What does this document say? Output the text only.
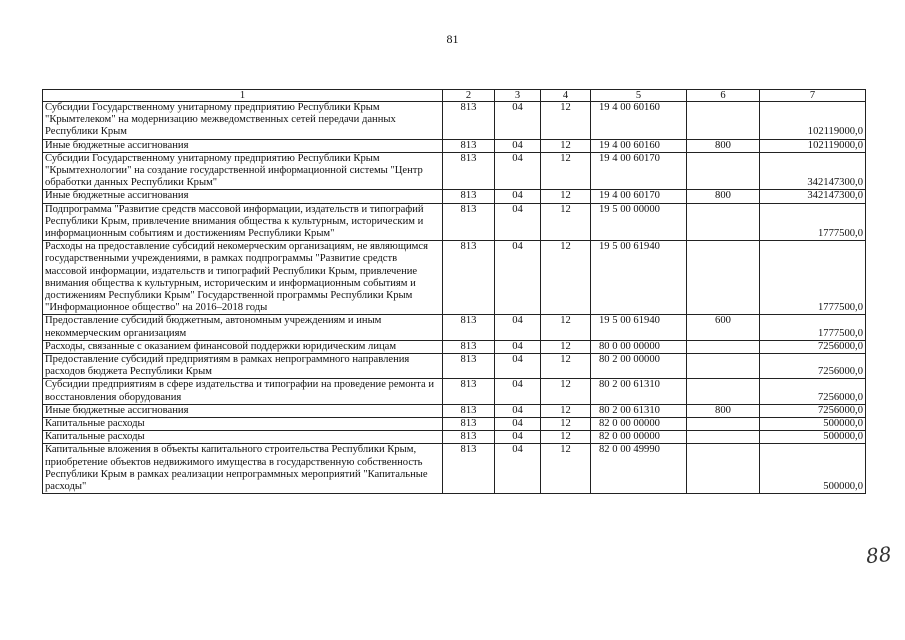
81
1	2	3	4	5	6	7
Субсидии Государственному унитарному предприятию Республики Крым "Крымтелеком" на модернизацию межведомственных сетей передачи данных Республики Крым	813	04	12	19 4 00 60160		102119000,0
Иные бюджетные ассигнования	813	04	12	19 4 00 60160	800	102119000,0
Субсидии Государственному унитарному предприятию Республики Крым "Крымтехнологии" на создание государственной информационной системы "Центр обработки данных Республики Крым"	813	04	12	19 4 00 60170		342147300,0
Иные бюджетные ассигнования	813	04	12	19 4 00 60170	800	342147300,0
Подпрограмма "Развитие средств массовой информации, издательств и типографий Республики Крым, привлечение внимания общества к культурным, историческим и информационным событиям и достижениям Республики Крым"	813	04	12	19 5 00 00000		1777500,0
Расходы на предоставление субсидий некомерческим организациям, не являющимся государственными учреждениями, в рамках подпрограммы "Развитие средств массовой информации, издательств и типографий Республики Крым, привлечение внимания общества к культурным, историческим и информационным событиям и достижениям Республики Крым" Государственной программы Республики Крым "Информационное общество" на 2016–2018 годы	813	04	12	19 5 00 61940		1777500,0
Предоставление субсидий бюджетным, автономным учреждениям и иным некоммерческим организациям	813	04	12	19 5 00 61940	600	1777500,0
Расходы, связанные с оказанием финансовой поддержки юридическим лицам	813	04	12	80 0 00 00000		7256000,0
Предоставление субсидий предприятиям в рамках непрограммного направления расходов бюджета Республики Крым	813	04	12	80 2 00 00000		7256000,0
Субсидии предприятиям в сфере издательства и типографии на проведение ремонта и восстановления оборудования	813	04	12	80 2 00 61310		7256000,0
Иные бюджетные ассигнования	813	04	12	80 2 00 61310	800	7256000,0
Капитальные расходы	813	04	12	82 0 00 00000		500000,0
Капитальные расходы	813	04	12	82 0 00 00000		500000,0
Капитальные вложения в объекты капитального строительства Республики Крым, приобретение объектов недвижимого имущества в государственную собственность Республики Крым в рамках реализации непрограммных мероприятий "Капитальные расходы"	813	04	12	82 0 00 49990		500000,0
88
